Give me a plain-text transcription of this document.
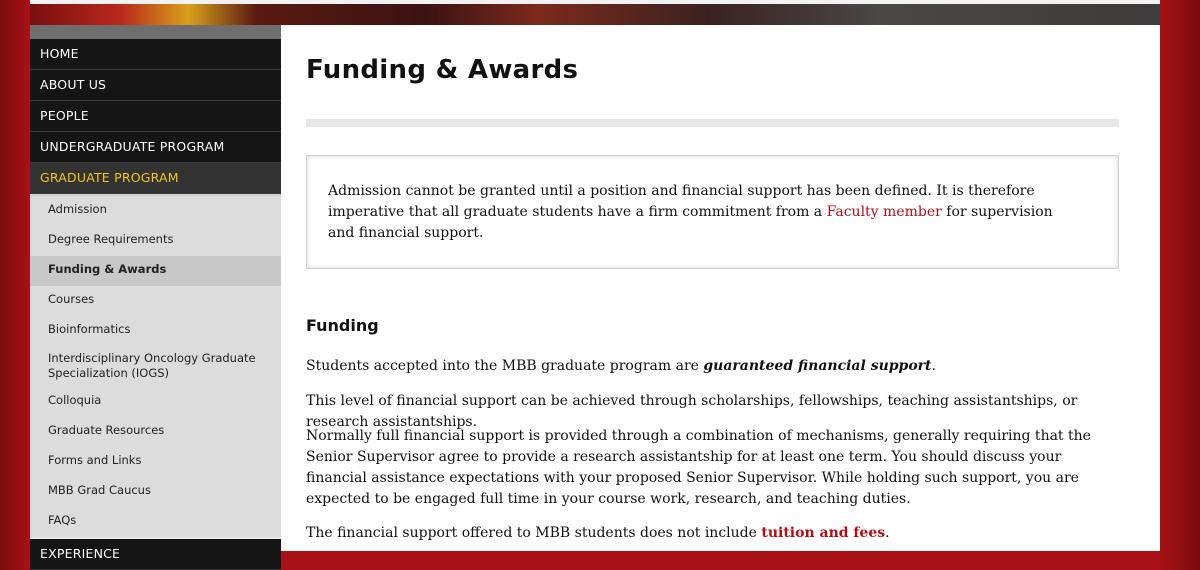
HOME
ABOUT US
PEOPLE
UNDERGRADUATE PROGRAM
GRADUATE PROGRAM
Admission
Degree Requirements
Funding & Awards
Courses
Bioinformatics
Interdisciplinary Oncology Graduate Specialization (IOGS)
Colloquia
Graduate Resources
Forms and Links
MBB Grad Caucus
FAQs
EXPERIENCE
Funding & Awards

Admission cannot be granted until a position and financial support has been defined. It is therefore imperative that all graduate students have a firm commitment from a Faculty member for supervision and financial support.

Funding

Students accepted into the MBB graduate program are guaranteed financial support.

This level of financial support can be achieved through scholarships, fellowships, teaching assistantships, or research assistantships.

Normally full financial support is provided through a combination of mechanisms, generally requiring that the Senior Supervisor agree to provide a research assistantship for at least one term. You should discuss your financial assistance expectations with your proposed Senior Supervisor. While holding such support, you are expected to be engaged full time in your course work, research, and teaching duties.

The financial support offered to MBB students does not include tuition and fees.
